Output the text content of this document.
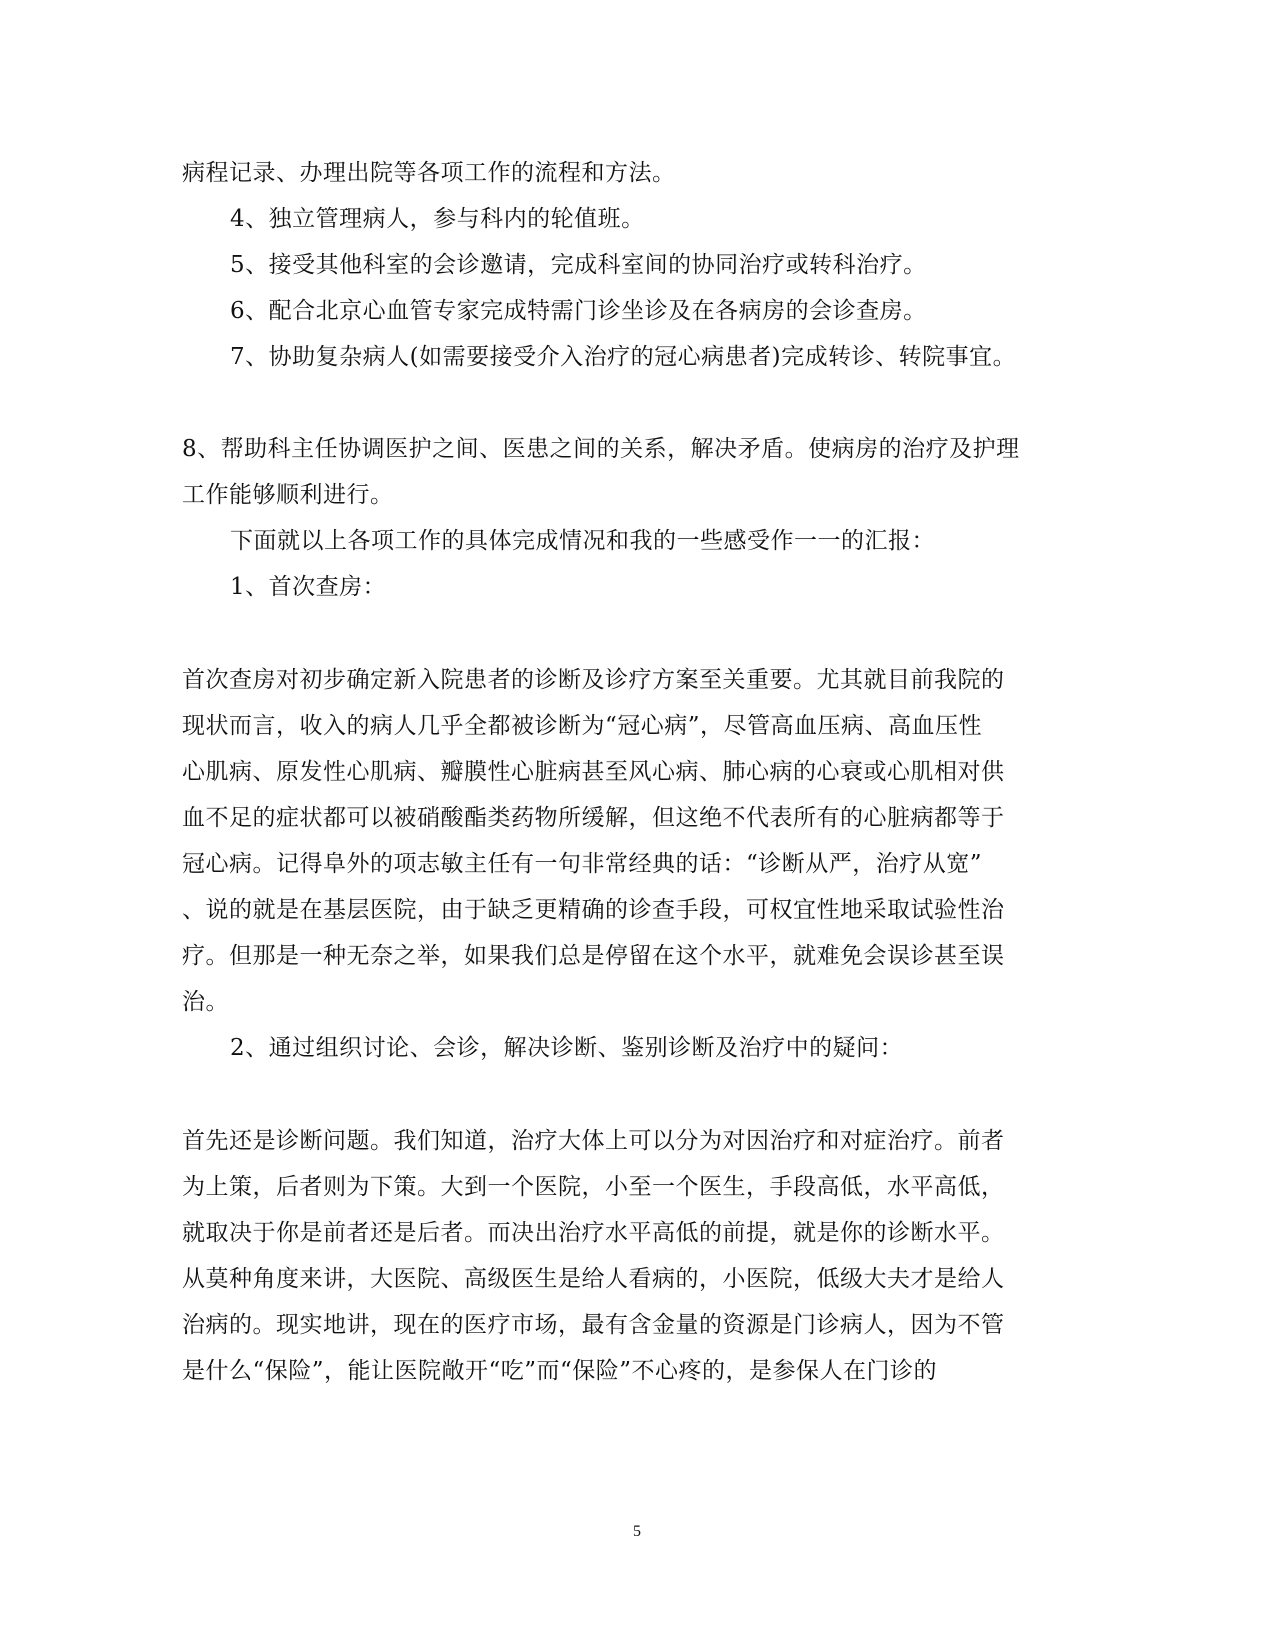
病程记录、办理出院等各项工作的流程和方法。
4、独立管理病人，参与科内的轮值班。
5、接受其他科室的会诊邀请，完成科室间的协同治疗或转科治疗。
6、配合北京心血管专家完成特需门诊坐诊及在各病房的会诊查房。
7、协助复杂病人(如需要接受介入治疗的冠心病患者)完成转诊、转院事宜。
8、帮助科主任协调医护之间、医患之间的关系，解决矛盾。使病房的治疗及护理
工作能够顺利进行。
下面就以上各项工作的具体完成情况和我的一些感受作一一的汇报：
1、首次查房：
首次查房对初步确定新入院患者的诊断及诊疗方案至关重要。尤其就目前我院的
现状而言，收入的病人几乎全都被诊断为“冠心病”，尽管高血压病、高血压性
心肌病、原发性心肌病、瓣膜性心脏病甚至风心病、肺心病的心衰或心肌相对供
血不足的症状都可以被硝酸酯类药物所缓解，但这绝不代表所有的心脏病都等于
冠心病。记得阜外的项志敏主任有一句非常经典的话：“诊断从严，治疗从宽”
、说的就是在基层医院，由于缺乏更精确的诊查手段，可权宜性地采取试验性治
疗。但那是一种无奈之举，如果我们总是停留在这个水平，就难免会误诊甚至误
治。
2、通过组织讨论、会诊，解决诊断、鉴别诊断及治疗中的疑问：
首先还是诊断问题。我们知道，治疗大体上可以分为对因治疗和对症治疗。前者
为上策，后者则为下策。大到一个医院，小至一个医生，手段高低，水平高低，
就取决于你是前者还是后者。而决出治疗水平高低的前提，就是你的诊断水平。
从莫种角度来讲，大医院、高级医生是给人看病的，小医院，低级大夫才是给人
治病的。现实地讲，现在的医疗市场，最有含金量的资源是门诊病人，因为不管
是什么“保险”，能让医院敞开“吃”而“保险”不心疼的，是参保人在门诊的
5
